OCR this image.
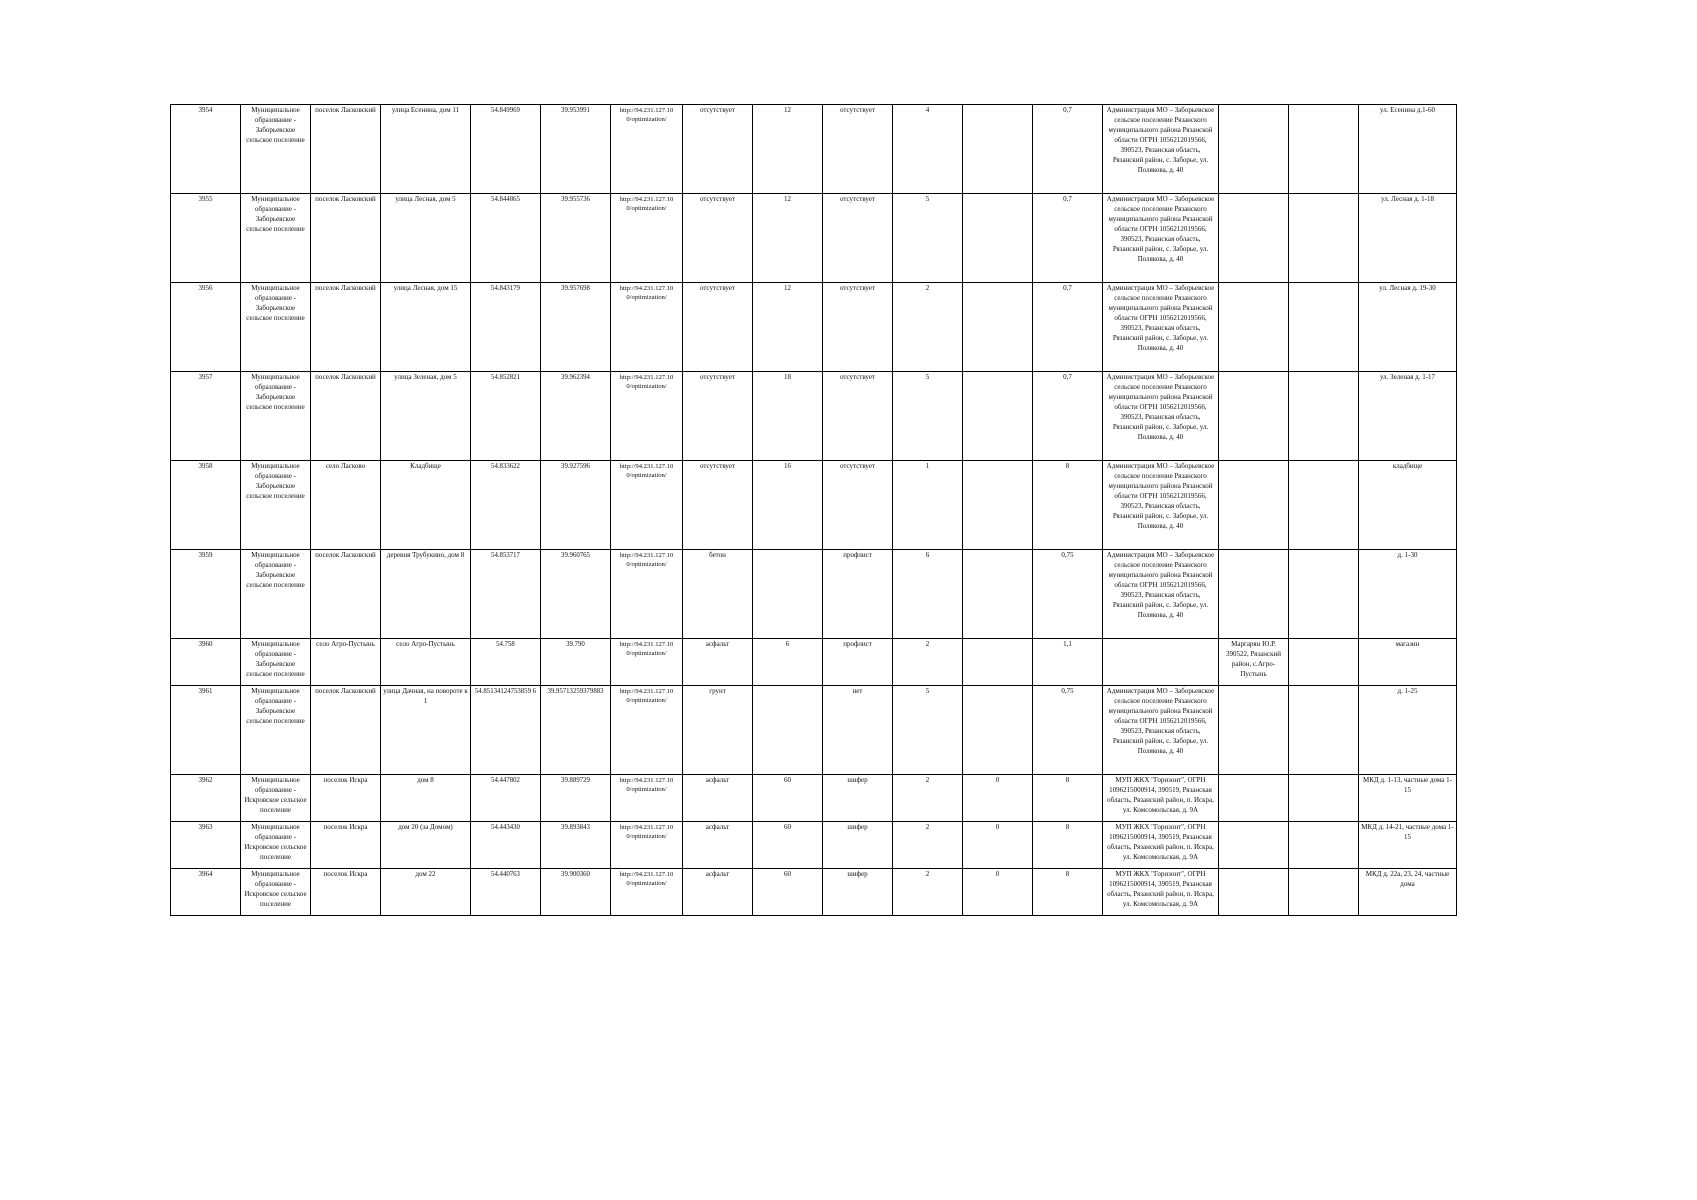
3954	Муниципальное образование - Заборьевское сельское поселение	поселок Ласковский	улица Есенина, дом 11	54.849969	39.953991	http://94.231.127.10 0/optimization/	отсутствует	12	отсутствует	4		0,7	Администрация МО – Заборьевское сельское поселение Рязанского муниципального района Рязанской области ОГРН 1056212019566, 390523, Рязанская область, Рязанский район, с. Заборье, ул. Полякова, д. 40			ул. Есенина д.1-60
3955	Муниципальное образование - Заборьевское сельское поселение	поселок Ласковский	улица Лесная, дом 5	54.844865	39.955736	http://94.231.127.10 0/optimization/	отсутствует	12	отсутствует	5		0,7	Администрация МО – Заборьевское сельское поселение Рязанского муниципального района Рязанской области ОГРН 1056212019566, 390523, Рязанская область, Рязанский район, с. Заборье, ул. Полякова, д. 40			ул. Лесная д. 1-18
3956	Муниципальное образование - Заборьевское сельское поселение	поселок Ласковский	улица Лесная, дом 15	54.843179	39.957698	http://94.231.127.10 0/optimization/	отсутствует	12	отсутствует	2		0,7	Администрация МО – Заборьевское сельское поселение Рязанского муниципального района Рязанской области ОГРН 1056212019566, 390523, Рязанская область, Рязанский район, с. Заборье, ул. Полякова, д. 40			ул. Лесная д. 19-30
3957	Муниципальное образование - Заборьевское сельское поселение	поселок Ласковский	улица Зеленая, дом 5	54.852821	39.962394	http://94.231.127.10 0/optimization/	отсутствует	18	отсутствует	5		0,7	Администрация МО – Заборьевское сельское поселение Рязанского муниципального района Рязанской области ОГРН 1056212019566, 390523, Рязанская область, Рязанский район, с. Заборье, ул. Полякова, д. 40			ул. Зеленая д. 1-17
3958	Муниципальное образование - Заборьевское сельское поселение	село Ласково	Кладбище	54.833622	39.927596	http://94.231.127.10 0/optimization/	отсутствует	16	отсутствует	1		8	Администрация МО – Заборьевское сельское поселение Рязанского муниципального района Рязанской области ОГРН 1056212019566, 390523, Рязанская область, Рязанский район, с. Заборье, ул. Полякова, д. 40			кладбище
3959	Муниципальное образование - Заборьевское сельское поселение	поселок Ласковский	деревня Трубукино, дом 8	54.853717	39.960765	http://94.231.127.10 0/optimization/	бетон		профлист	6		0,75	Администрация МО – Заборьевское сельское поселение Рязанского муниципального района Рязанской области ОГРН 1056212019566, 390523, Рязанская область, Рязанский район, с. Заборье, ул. Полякова, д. 40			д. 1-30
3960	Муниципальное образование - Заборьевское сельское поселение	село Агро-Пустынь	село Агро-Пустынь	54.758	39.790	http://94.231.127.10 0/optimization/	асфальт	6	профлист	2		1,1		Маргарян Ю.Р. 390522, Рязанский район, с.Агро-Пустынь		магазин
3961	Муниципальное образование - Заборьевское сельское поселение	поселок Ласковский	улица Дачная, на повороте к 1	54.85134124753859 6	39.95713259379883	http://94.231.127.10 0/optimization/	грунт		нет	5		0,75	Администрация МО – Заборьевское сельское поселение Рязанского муниципального района Рязанской области ОГРН 1056212019566, 390523, Рязанская область, Рязанский район, с. Заборье, ул. Полякова, д. 40			д. 1-25
3962	Муниципальное образование - Искровское сельское поселение	поселок Искра	дом 8	54.447802	39.889729	http://94.231.127.10 0/optimization/	асфальт	60	шифер	2	0	8	МУП ЖКХ "Горизонт", ОГРН 1096215000914, 390519, Рязанская область, Рязанский район, п. Искра, ул. Комсомольская, д. 9А			МКД д. 1-13, частные дома 1-15
3963	Муниципальное образование - Искровское сельское поселение	поселок Искра	дом 20 (за Домом)	54.443430	39.893843	http://94.231.127.10 0/optimization/	асфальт	60	шифер	2	0	8	МУП ЖКХ "Горизонт", ОГРН 1096215000914, 390519, Рязанская область, Рязанский район, п. Искра, ул. Комсомольская, д. 9А			МКД д. 14-21, частные дома 1-15
3964	Муниципальное образование - Искровское сельское поселение	поселок Искра	дом 22	54.440763	39.900360	http://94.231.127.10 0/optimization/	асфальт	60	шифер	2	0	8	МУП ЖКХ "Горизонт", ОГРН 1096215000914, 390519, Рязанская область, Рязанский район, п. Искра, ул. Комсомольская, д. 9А			МКД д. 22а, 23, 24, частные дома
